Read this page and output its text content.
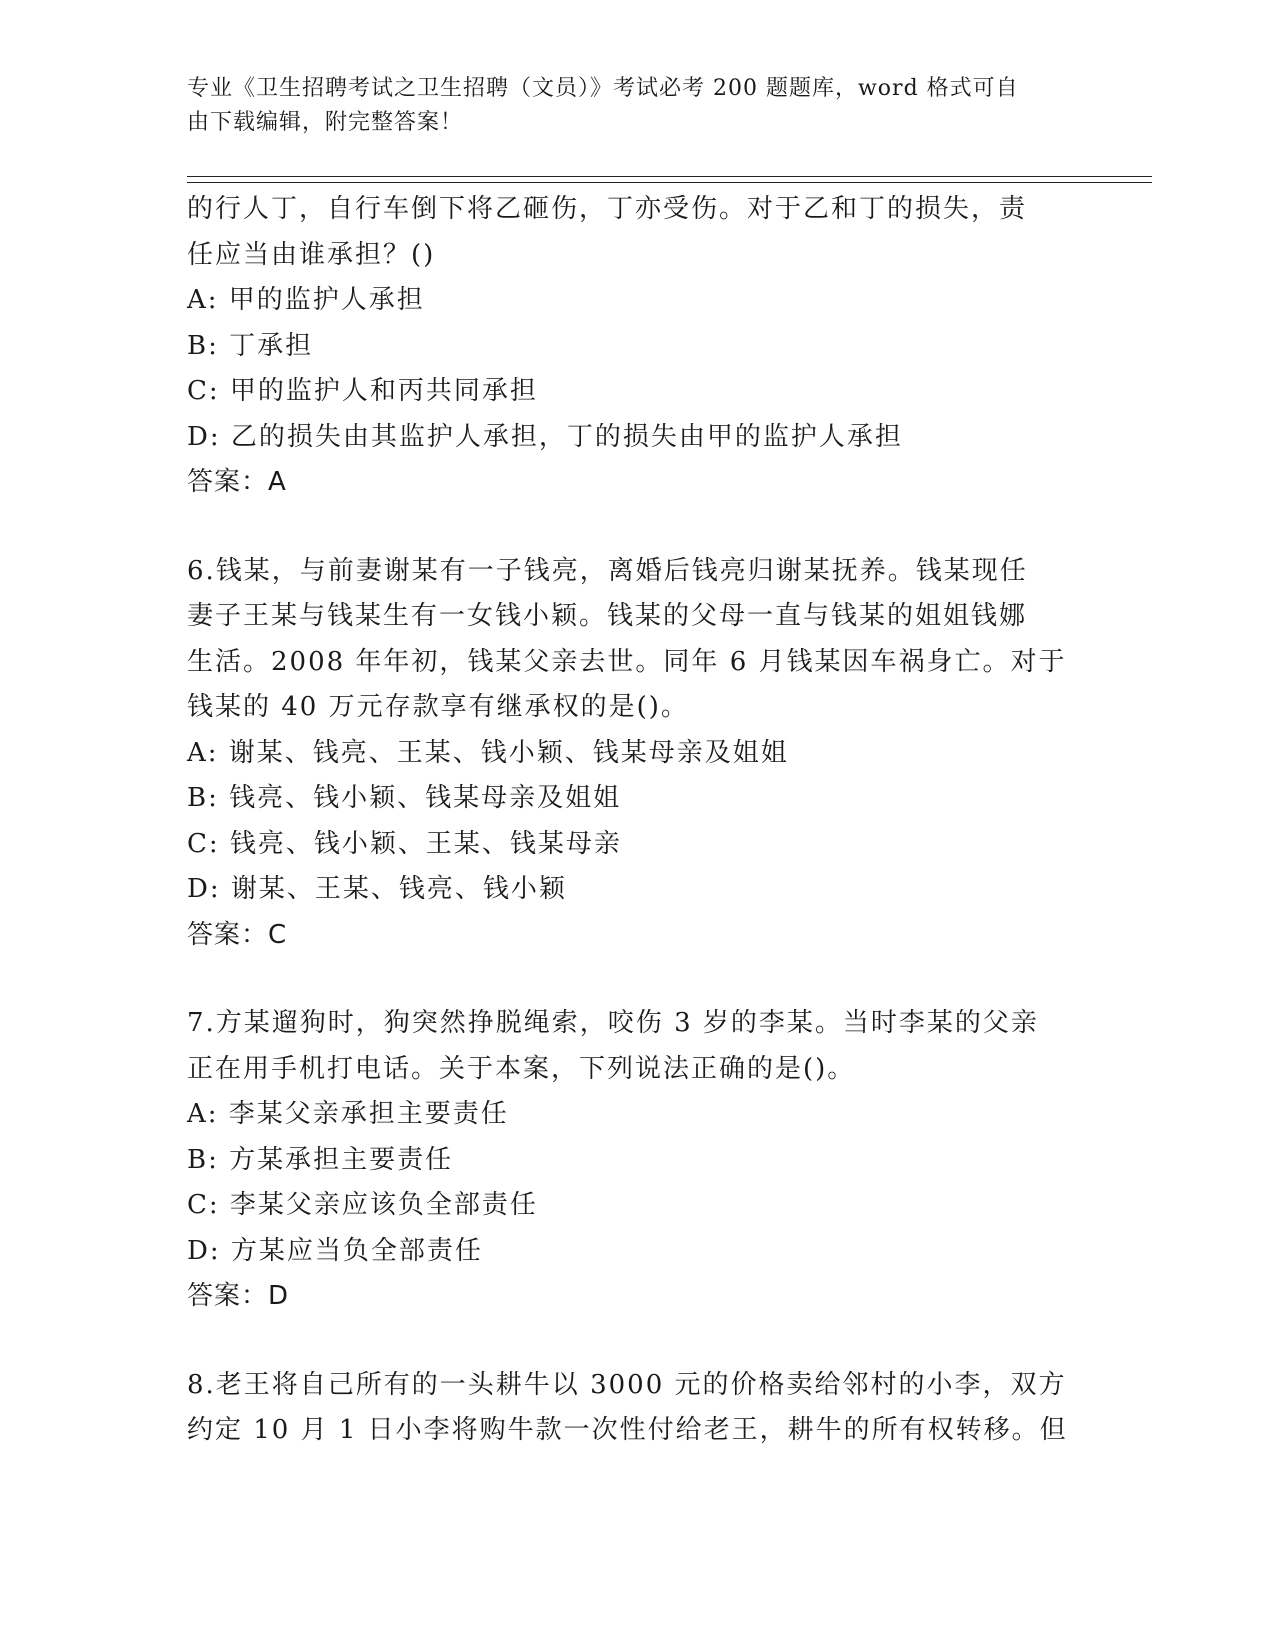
专业《卫生招聘考试之卫生招聘（文员）》考试必考 200 题题库，word 格式可自
由下载编辑，附完整答案！
的行人丁，自行车倒下将乙砸伤，丁亦受伤。对于乙和丁的损失，责
任应当由谁承担？()
A: 甲的监护人承担
B: 丁承担
C: 甲的监护人和丙共同承担
D: 乙的损失由其监护人承担，丁的损失由甲的监护人承担
答案：A
6.钱某，与前妻谢某有一子钱亮，离婚后钱亮归谢某抚养。钱某现任
妻子王某与钱某生有一女钱小颖。钱某的父母一直与钱某的姐姐钱娜
生活。2008 年年初，钱某父亲去世。同年 6 月钱某因车祸身亡。对于
钱某的 40 万元存款享有继承权的是()。
A: 谢某、钱亮、王某、钱小颖、钱某母亲及姐姐
B: 钱亮、钱小颖、钱某母亲及姐姐
C: 钱亮、钱小颖、王某、钱某母亲
D: 谢某、王某、钱亮、钱小颖
答案：C
7.方某遛狗时，狗突然挣脱绳索，咬伤 3 岁的李某。当时李某的父亲
正在用手机打电话。关于本案，下列说法正确的是()。
A: 李某父亲承担主要责任
B: 方某承担主要责任
C: 李某父亲应该负全部责任
D: 方某应当负全部责任
答案：D
8.老王将自己所有的一头耕牛以 3000 元的价格卖给邻村的小李，双方
约定 10 月 1 日小李将购牛款一次性付给老王，耕牛的所有权转移。但
